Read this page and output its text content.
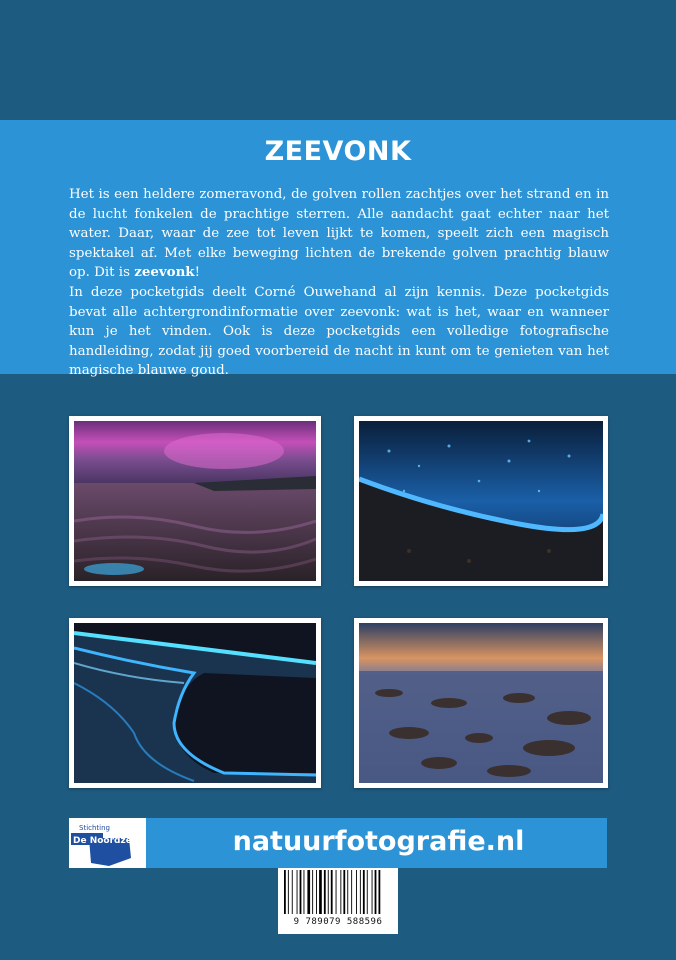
ZEEVONK

Het is een heldere zomeravond, de golven rollen zachtjes over het strand en in de lucht fonkelen de prachtige sterren. Alle aandacht gaat echter naar het water. Daar, waar de zee tot leven lijkt te komen, speelt zich een magisch spektakel af. Met elke beweging lichten de brekende golven prachtig blauw op. Dit is zeevonk!

In deze pocketgids deelt Corné Ouwehand al zijn kennis. Deze pocketgids bevat alle achtergrondinformatie over zeevonk: wat is het, waar en wanneer kun je het vinden. Ook is deze pocketgids een volledige fotografische handleiding, zodat jij goed voorbereid de nacht in kunt om te genieten van het magische blauwe goud.

Stichting
De Noordzee	natuurfotografie.nl
9 789079 588596
